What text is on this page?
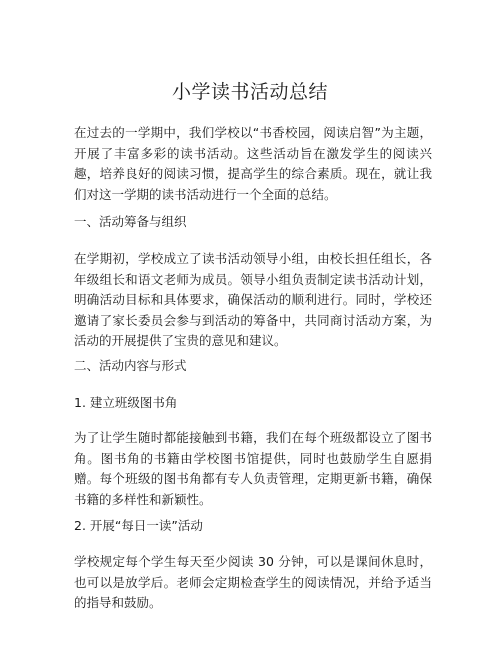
小学读书活动总结

在过去的一学期中，我们学校以“书香校园，阅读启智”为主题，开展了丰富多彩的读书活动。这些活动旨在激发学生的阅读兴趣，培养良好的阅读习惯，提高学生的综合素质。现在，就让我们对这一学期的读书活动进行一个全面的总结。

一、活动筹备与组织

在学期初，学校成立了读书活动领导小组，由校长担任组长，各年级组长和语文老师为成员。领导小组负责制定读书活动计划，明确活动目标和具体要求，确保活动的顺利进行。同时，学校还邀请了家长委员会参与到活动的筹备中，共同商讨活动方案，为活动的开展提供了宝贵的意见和建议。

二、活动内容与形式
1. 建立班级图书角

为了让学生随时都能接触到书籍，我们在每个班级都设立了图书角。图书角的书籍由学校图书馆提供，同时也鼓励学生自愿捐赠。每个班级的图书角都有专人负责管理，定期更新书籍，确保书籍的多样性和新颖性。

2. 开展“每日一读”活动

学校规定每个学生每天至少阅读 30 分钟，可以是课间休息时，也可以是放学后。老师会定期检查学生的阅读情况，并给予适当的指导和鼓励。
